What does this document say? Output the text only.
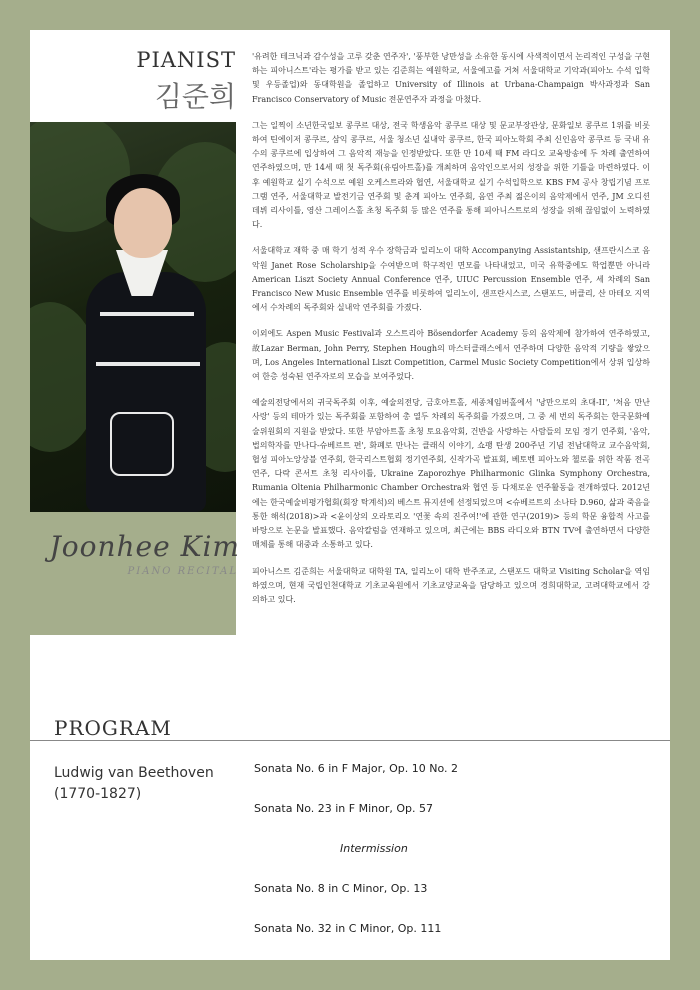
PIANIST
김준희
Joonhee Kim
PIANO RECITAL

'유려한 테크닉과 감수성을 고루 갖춘 연주자', '풍부한 낭만성을 소유한 동시에 사색적이면서 논리적인 구성을 구현하는 피아니스트'라는 평가를 받고 있는 김준희는 예원학교, 서울예고를 거쳐 서울대학교 기악과(피아노 수석 입학 및 우등졸업)와 동대학원을 졸업하고 University of Illinois at Urbana-Champaign 박사과정과 San Francisco Conservatory of Music 전문연주자 과정을 마쳤다.

그는 일찍이 소년한국일보 콩쿠르 대상, 전국 학생음악 콩쿠르 대상 및 문교부장관상, 문화일보 콩쿠르 1위를 비롯하여 틴에이저 콩쿠르, 삼익 콩쿠르, 서울 청소년 실내악 콩쿠르, 한국 피아노학회 주최 신인음악 콩쿠르 등 국내 유수의 콩쿠르에 입상하여 그 음악적 재능을 인정받았다. 또한 만 10세 때 FM 라디오 교육방송에 두 차례 출연하여 연주하였으며, 만 14세 때 첫 독주회(유림아트홀)를 개최하며 음악인으로서의 성장을 위한 기틀을 마련하였다. 이후 예원학교 실기 수석으로 예원 오케스트라와 협연, 서울대학교 실기 수석입학으로 KBS FM 공사 창립기념 프로그램 연주, 서울대학교 발전기금 연주회 및 춘계 피아노 연주회, 음연 주최 젊은이의 음악제에서 연주, JM 오디션 데뷔 리사이틀, 영산 그레이스홀 초청 독주회 등 많은 연주를 통해 피아니스트로의 성장을 위해 끊임없이 노력하였다.

서울대학교 재학 중 매 학기 성적 우수 장학금과 일리노이 대학 Accompanying Assistantship, 샌프란시스코 음악원 Janet Rose Scholarship을 수여받으며 학구적인 면모를 나타내었고, 미국 유학중에도 학업뿐만 아니라 American Liszt Society Annual Conference 연주, UIUC Percussion Ensemble 연주, 세 차례의 San Francisco New Music Ensemble 연주를 비롯하여 일리노이, 샌프란시스코, 스탠포드, 버클리, 산 마테오 지역에서 수차례의 독주회와 실내악 연주회를 가졌다.

이외에도 Aspen Music Festival과 오스트리아 Bösendorfer Academy 등의 음악제에 참가하여 연주하였고, 故Lazar Berman, John Perry, Stephen Hough의 마스터클래스에서 연주하며 다양한 음악적 기량을 쌓았으며, Los Angeles International Liszt Competition, Carmel Music Society Competition에서 상위 입상하여 한층 성숙된 연주자로의 모습을 보여주었다.

예술의전당에서의 귀국독주회 이후, 예술의전당, 금호아트홀, 세종체임버홀에서 '낭만으로의 초대-II', '처음 만난 사랑' 등의 테마가 있는 독주회를 포함하여 총 열두 차례의 독주회를 가졌으며, 그 중 세 번의 독주회는 한국문화예술위원회의 지원을 받았다. 또한 부암아트홀 초청 토요음악회, 건반을 사랑하는 사람들의 모임 정기 연주회, '음악, 법의학자를 만나다-슈베르트 편', 화폐로 만나는 클래식 이야기, 쇼팽 탄생 200주년 기념 전남대학교 교수음악회, 협성 피아노앙상블 연주회, 한국리스트협회 정기연주회, 신작가곡 발표회, 베토벤 피아노와 첼로를 위한 작품 전곡 연주, 다락 콘서트 초청 리사이틀, Ukraine Zaporozhye Philharmonic Glinka Symphony Orchestra, Rumania Oltenia Philharmonic Chamber Orchestra와 협연 등 다채로운 연주활동을 전개하였다. 2012년에는 한국예술비평가협회(회장 탁계석)의 베스트 뮤지션에 선정되었으며 <슈베르트의 소나타 D.960, 삶과 죽음을 통한 해석(2018)>과 <윤이상의 오라토리오 '연꽃 속의 진주여!'에 관한 연구(2019)> 등의 학문 융합적 사고를 바탕으로 논문을 발표했다. 음악칼럼을 연재하고 있으며, 최근에는 BBS 라디오와 BTN TV에 출연하면서 다양한 매체를 통해 대중과 소통하고 있다.

피아니스트 김준희는 서울대학교 대학원 TA, 일리노이 대학 반주조교, 스탠포드 대학교 Visiting Scholar을 역임하였으며, 현재 국립인천대학교 기초교육원에서 기초교양교육을 담당하고 있으며 경희대학교, 고려대학교에서 강의하고 있다.

PROGRAM
Ludwig van Beethoven
(1770-1827)
Sonata No. 6 in F Major, Op. 10 No. 2
Sonata No. 23 in F Minor, Op. 57
Intermission
Sonata No. 8 in C Minor, Op. 13
Sonata No. 32 in C Minor, Op. 111
